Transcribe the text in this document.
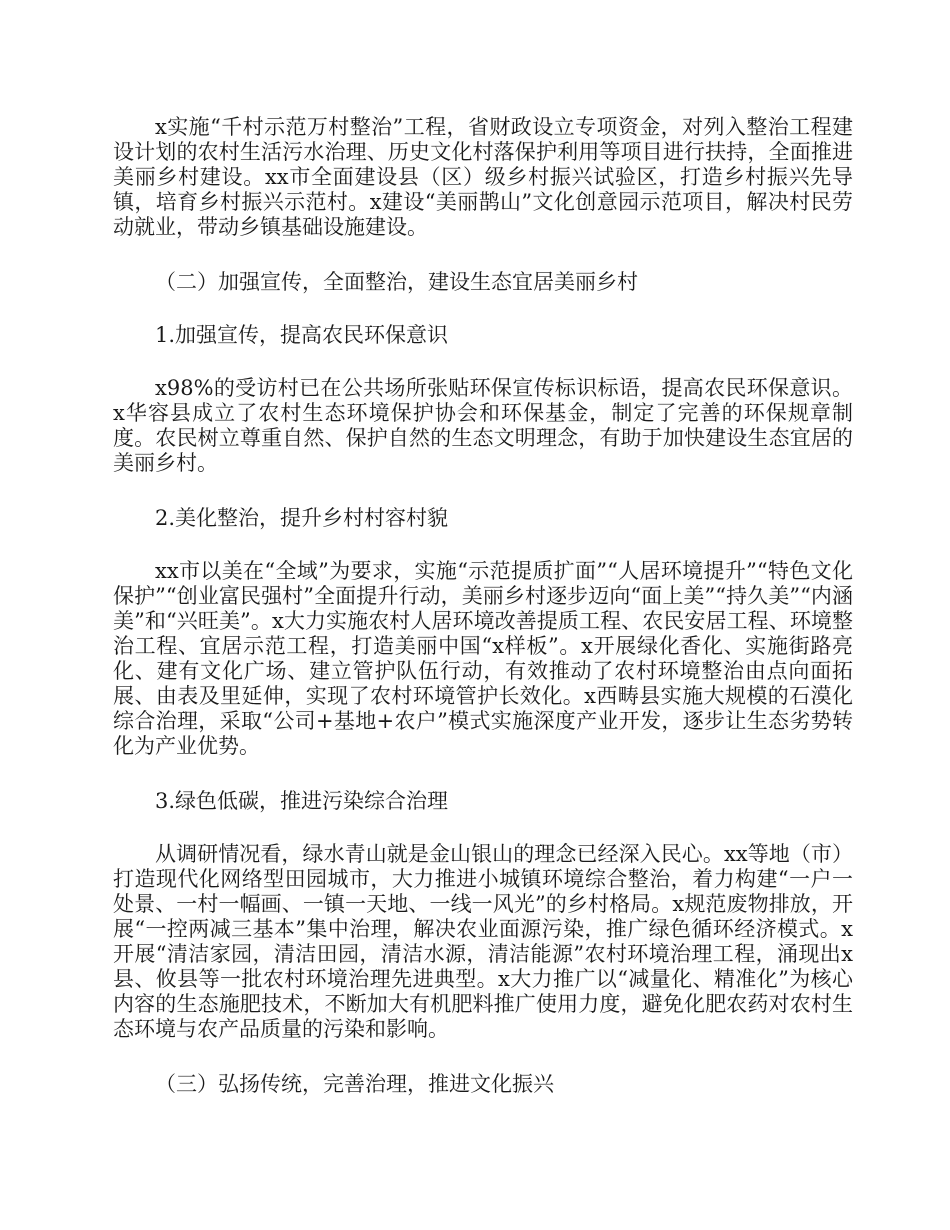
x实施“千村示范万村整治”工程，省财政设立专项资金，对列入整治工程建设计划的农村生活污水治理、历史文化村落保护利用等项目进行扶持，全面推进美丽乡村建设。xx市全面建设县（区）级乡村振兴试验区，打造乡村振兴先导镇，培育乡村振兴示范村。x建设“美丽鹊山”文化创意园示范项目，解决村民劳动就业，带动乡镇基础设施建设。

（二）加强宣传，全面整治，建设生态宜居美丽乡村

1.加强宣传，提高农民环保意识

x98%的受访村已在公共场所张贴环保宣传标识标语，提高农民环保意识。x华容县成立了农村生态环境保护协会和环保基金，制定了完善的环保规章制度。农民树立尊重自然、保护自然的生态文明理念，有助于加快建设生态宜居的美丽乡村。

2.美化整治，提升乡村村容村貌

xx市以美在“全域”为要求，实施“示范提质扩面”“人居环境提升”“特色文化保护”“创业富民强村”全面提升行动，美丽乡村逐步迈向“面上美”“持久美”“内涵美”和“兴旺美”。x大力实施农村人居环境改善提质工程、农民安居工程、环境整治工程、宜居示范工程，打造美丽中国“x样板”。x开展绿化香化、实施街路亮化、建有文化广场、建立管护队伍行动，有效推动了农村环境整治由点向面拓展、由表及里延伸，实现了农村环境管护长效化。x西畴县实施大规模的石漠化综合治理，采取“公司+基地+农户”模式实施深度产业开发，逐步让生态劣势转化为产业优势。

3.绿色低碳，推进污染综合治理

从调研情况看，绿水青山就是金山银山的理念已经深入民心。xx等地（市）打造现代化网络型田园城市，大力推进小城镇环境综合整治，着力构建“一户一处景、一村一幅画、一镇一天地、一线一风光”的乡村格局。x规范废物排放，开展“一控两减三基本”集中治理，解决农业面源污染，推广绿色循环经济模式。x开展“清洁家园，清洁田园，清洁水源，清洁能源”农村环境治理工程，涌现出x县、攸县等一批农村环境治理先进典型。x大力推广以“减量化、精准化”为核心内容的生态施肥技术，不断加大有机肥料推广使用力度，避免化肥农药对农村生态环境与农产品质量的污染和影响。

（三）弘扬传统，完善治理，推进文化振兴
